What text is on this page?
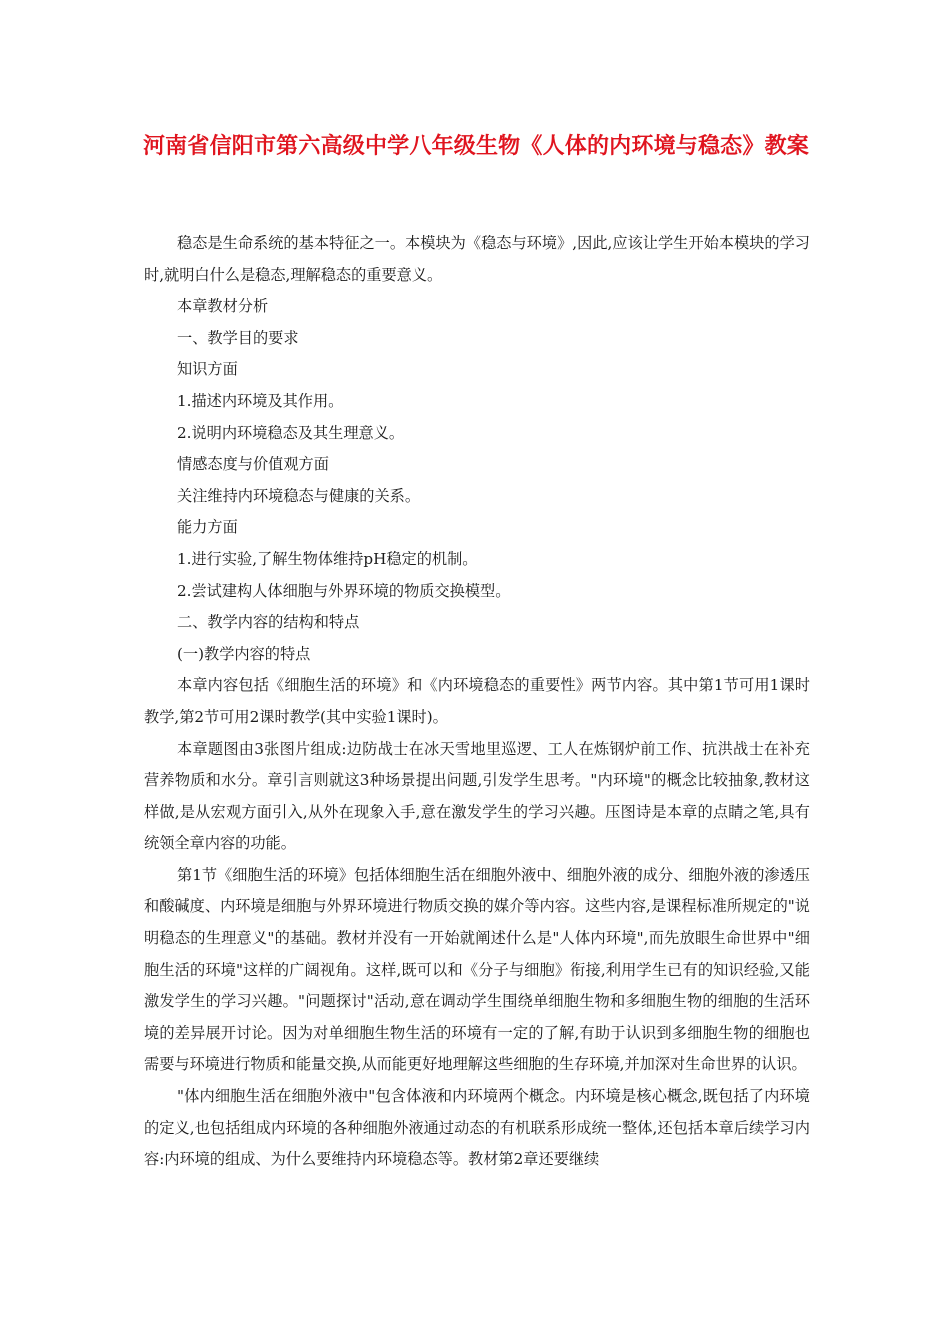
河南省信阳市第六高级中学八年级生物《人体的内环境与稳态》教案

稳态是生命系统的基本特征之一。本模块为《稳态与环境》,因此,应该让学生开始本模块的学习时,就明白什么是稳态,理解稳态的重要意义。

本章教材分析

一、教学目的要求

知识方面

1.描述内环境及其作用。

2.说明内环境稳态及其生理意义。

情感态度与价值观方面

关注维持内环境稳态与健康的关系。

能力方面

1.进行实验,了解生物体维持pH稳定的机制。

2.尝试建构人体细胞与外界环境的物质交换模型。

二、教学内容的结构和特点

(一)教学内容的特点

本章内容包括《细胞生活的环境》和《内环境稳态的重要性》两节内容。其中第1节可用1课时教学,第2节可用2课时教学(其中实验1课时)。

本章题图由3张图片组成:边防战士在冰天雪地里巡逻、工人在炼钢炉前工作、抗洪战士在补充营养物质和水分。章引言则就这3种场景提出问题,引发学生思考。"内环境"的概念比较抽象,教材这样做,是从宏观方面引入,从外在现象入手,意在激发学生的学习兴趣。压图诗是本章的点睛之笔,具有统领全章内容的功能。

第1节《细胞生活的环境》包括体细胞生活在细胞外液中、细胞外液的成分、细胞外液的渗透压和酸碱度、内环境是细胞与外界环境进行物质交换的媒介等内容。这些内容,是课程标准所规定的"说明稳态的生理意义"的基础。教材并没有一开始就阐述什么是"人体内环境",而先放眼生命世界中"细胞生活的环境"这样的广阔视角。这样,既可以和《分子与细胞》衔接,利用学生已有的知识经验,又能激发学生的学习兴趣。"问题探讨"活动,意在调动学生围绕单细胞生物和多细胞生物的细胞的生活环境的差异展开讨论。因为对单细胞生物生活的环境有一定的了解,有助于认识到多细胞生物的细胞也需要与环境进行物质和能量交换,从而能更好地理解这些细胞的生存环境,并加深对生命世界的认识。

"体内细胞生活在细胞外液中"包含体液和内环境两个概念。内环境是核心概念,既包括了内环境的定义,也包括组成内环境的各种细胞外液通过动态的有机联系形成统一整体,还包括本章后续学习内容:内环境的组成、为什么要维持内环境稳态等。教材第2章还要继续
